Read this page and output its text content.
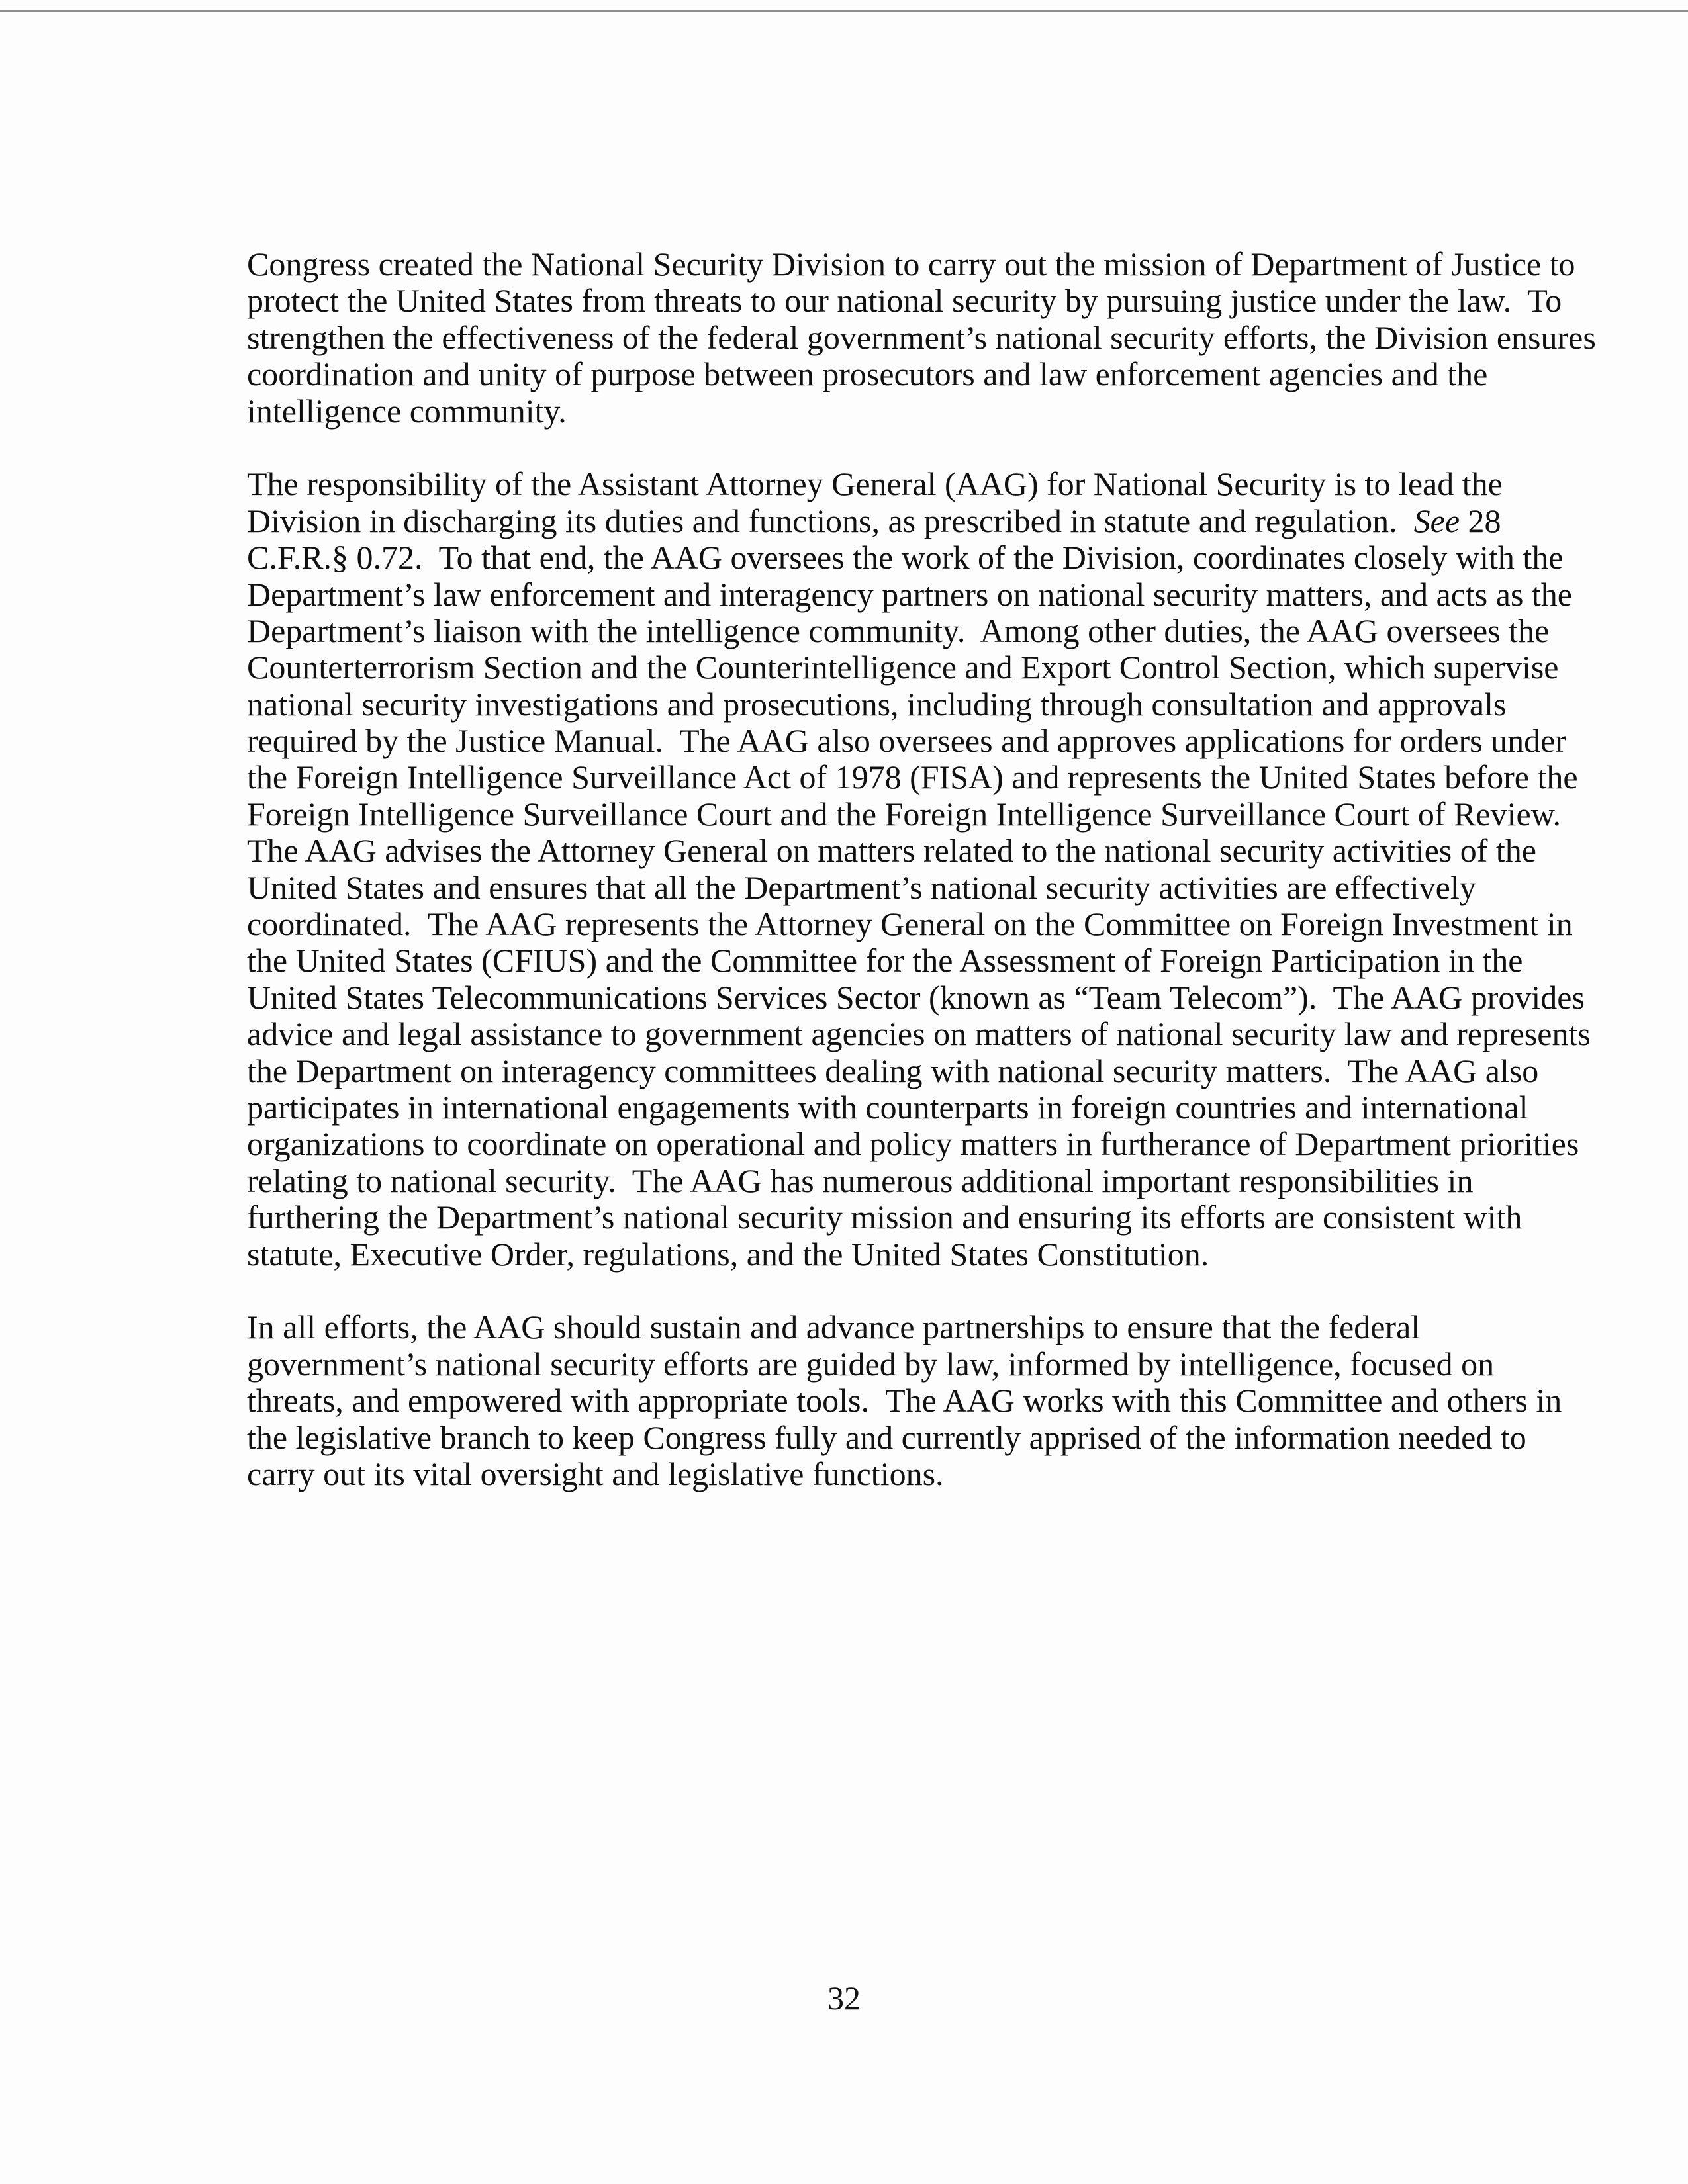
Congress created the National Security Division to carry out the mission of Department of Justice to
protect the United States from threats to our national security by pursuing justice under the law.  To
strengthen the effectiveness of the federal government’s national security efforts, the Division ensures
coordination and unity of purpose between prosecutors and law enforcement agencies and the
intelligence community.
The responsibility of the Assistant Attorney General (AAG) for National Security is to lead the
Division in discharging its duties and functions, as prescribed in statute and regulation.  See 28
C.F.R.§ 0.72.  To that end, the AAG oversees the work of the Division, coordinates closely with the
Department’s law enforcement and interagency partners on national security matters, and acts as the
Department’s liaison with the intelligence community.  Among other duties, the AAG oversees the
Counterterrorism Section and the Counterintelligence and Export Control Section, which supervise
national security investigations and prosecutions, including through consultation and approvals
required by the Justice Manual.  The AAG also oversees and approves applications for orders under
the Foreign Intelligence Surveillance Act of 1978 (FISA) and represents the United States before the
Foreign Intelligence Surveillance Court and the Foreign Intelligence Surveillance Court of Review.
The AAG advises the Attorney General on matters related to the national security activities of the
United States and ensures that all the Department’s national security activities are effectively
coordinated.  The AAG represents the Attorney General on the Committee on Foreign Investment in
the United States (CFIUS) and the Committee for the Assessment of Foreign Participation in the
United States Telecommunications Services Sector (known as “Team Telecom”).  The AAG provides
advice and legal assistance to government agencies on matters of national security law and represents
the Department on interagency committees dealing with national security matters.  The AAG also
participates in international engagements with counterparts in foreign countries and international
organizations to coordinate on operational and policy matters in furtherance of Department priorities
relating to national security.  The AAG has numerous additional important responsibilities in
furthering the Department’s national security mission and ensuring its efforts are consistent with
statute, Executive Order, regulations, and the United States Constitution.
In all efforts, the AAG should sustain and advance partnerships to ensure that the federal
government’s national security efforts are guided by law, informed by intelligence, focused on
threats, and empowered with appropriate tools.  The AAG works with this Committee and others in
the legislative branch to keep Congress fully and currently apprised of the information needed to
carry out its vital oversight and legislative functions.
32
